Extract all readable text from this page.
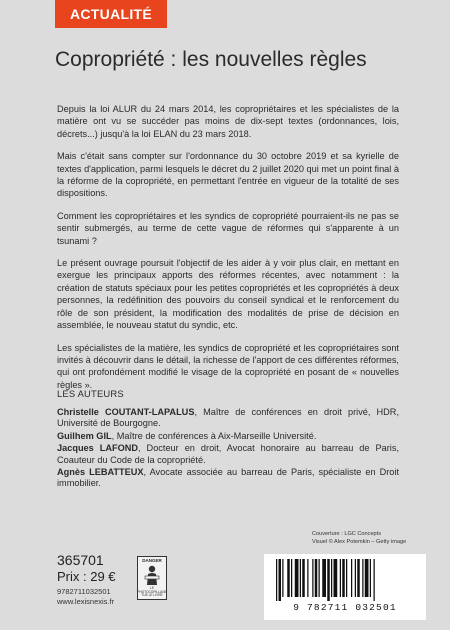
ACTUALITÉ
Copropriété : les nouvelles règles

Depuis la loi ALUR du 24 mars 2014, les copropriétaires et les spécialistes de la matière ont vu se succéder pas moins de dix-sept textes (ordonnances, lois, décrets...) jusqu'à la loi ELAN du 23 mars 2018.

Mais c'était sans compter sur l'ordonnance du 30 octobre 2019 et sa kyrielle de textes d'application, parmi lesquels le décret du 2 juillet 2020 qui met un point final à la réforme de la copropriété, en permettant l'entrée en vigueur de la totalité de ses dispositions.

Comment les copropriétaires et les syndics de copropriété pourraient-ils ne pas se sentir submergés, au terme de cette vague de réformes qui s'apparente à un tsunami ?

Le présent ouvrage poursuit l'objectif de les aider à y voir plus clair, en mettant en exergue les principaux apports des réformes récentes, avec notamment : la création de statuts spéciaux pour les petites copropriétés et les copropriétés à deux personnes, la redéfinition des pouvoirs du conseil syndical et le renforcement du rôle de son président, la modification des modalités de prise de décision en assemblée, le nouveau statut du syndic, etc.

Les spécialistes de la matière, les syndics de copropriété et les copropriétaires sont invités à découvrir dans le détail, la richesse de l'apport de ces différentes réformes, qui ont profondément modifié le visage de la copropriété en posant de « nouvelles règles ».

LES AUTEURS

Christelle COUTANT-LAPALUS, Maître de conférences en droit privé, HDR, Université de Bourgogne.

Guilhem GIL, Maître de conférences à Aix-Marseille Université.

Jacques LAFOND, Docteur en droit, Avocat honoraire au barreau de Paris, Coauteur du Code de la copropriété.

Agnès LEBATTEUX, Avocate associée au barreau de Paris, spécialiste en Droit immobilier.

365701
Prix : 29 €
9782711032501
www.lexisnexis.fr
DANGER
LE PHOTOCOPILLAGE TUE LE LIVRE
Couverture : LGC Concepts
Visuel © Alex Potemkin – Getty image
9 782711 032501
